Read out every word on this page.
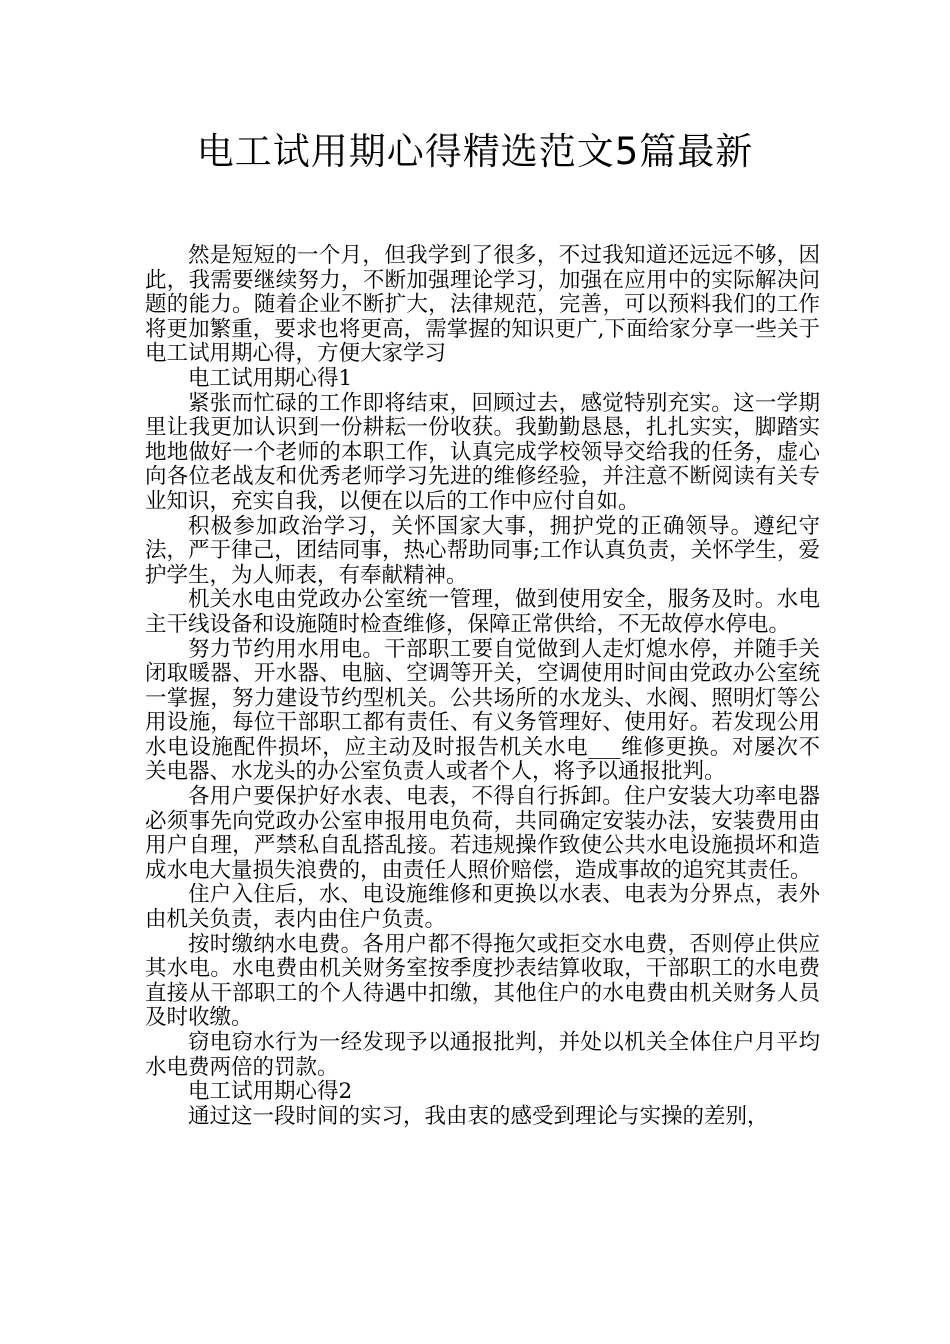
电工试用期心得精选范文5篇最新

然是短短的一个月，但我学到了很多，不过我知道还远远不够，因此，我需要继续努力，不断加强理论学习，加强在应用中的实际解决问题的能力。随着企业不断扩大，法律规范，完善，可以预料我们的工作将更加繁重，要求也将更高，需掌握的知识更广,下面给家分享一些关于电工试用期心得，方便大家学习

电工试用期心得1

紧张而忙碌的工作即将结束，回顾过去，感觉特别充实。这一学期里让我更加认识到一份耕耘一份收获。我勤勤恳恳，扎扎实实，脚踏实地地做好一个老师的本职工作，认真完成学校领导交给我的任务，虚心向各位老战友和优秀老师学习先进的维修经验，并注意不断阅读有关专业知识，充实自我，以便在以后的工作中应付自如。

积极参加政治学习，关怀国家大事，拥护党的正确领导。遵纪守法，严于律己，团结同事，热心帮助同事;工作认真负责，关怀学生，爱护学生，为人师表，有奉献精神。

机关水电由党政办公室统一管理，做到使用安全，服务及时。水电主干线设备和设施随时检查维修，保障正常供给，不无故停水停电。

努力节约用水用电。干部职工要自觉做到人走灯熄水停，并随手关闭取暖器、开水器、电脑、空调等开关，空调使用时间由党政办公室统一掌握，努力建设节约型机关。公共场所的水龙头、水阀、照明灯等公用设施，每位干部职工都有责任、有义务管理好、使用好。若发现公用水电设施配件损坏，应主动及时报告机关水电___维修更换。对屡次不关电器、水龙头的办公室负责人或者个人，将予以通报批判。

各用户要保护好水表、电表，不得自行拆卸。住户安装大功率电器必须事先向党政办公室申报用电负荷，共同确定安装办法，安装费用由用户自理，严禁私自乱搭乱接。若违规操作致使公共水电设施损坏和造成水电大量损失浪费的，由责任人照价赔偿，造成事故的追究其责任。

住户入住后，水、电设施维修和更换以水表、电表为分界点，表外由机关负责，表内由住户负责。

按时缴纳水电费。各用户都不得拖欠或拒交水电费，否则停止供应其水电。水电费由机关财务室按季度抄表结算收取，干部职工的水电费直接从干部职工的个人待遇中扣缴，其他住户的水电费由机关财务人员及时收缴。

窃电窃水行为一经发现予以通报批判，并处以机关全体住户月平均水电费两倍的罚款。

电工试用期心得2

通过这一段时间的实习，我由衷的感受到理论与实操的差别，
